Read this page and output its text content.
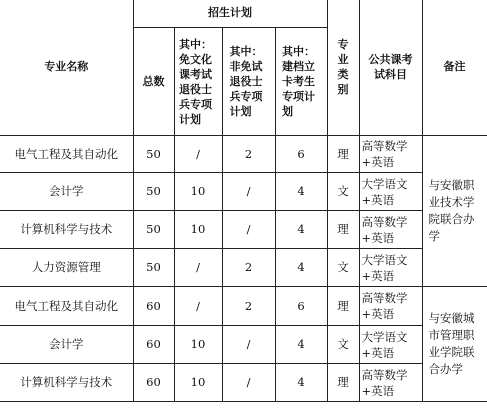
专业名称	招生计划				专业类别	公共课考试科目	备注
	总数	其中：免文化课考试退役士兵专项计划	其中：非免试退役士兵专项计划	其中：建档立卡考生专项计划			
电气工程及其自动化	50	/	2	6	理	高等数学+英语	与安徽职业技术学院联合办学
会计学	50	10	/	4	文	大学语文+英语	
计算机科学与技术	50	10	/	4	理	高等数学+英语	
人力资源管理	50	/	2	4	文	大学语文+英语	
电气工程及其自动化	60	/	2	6	理	高等数学+英语	与安徽城市管理职业学院联合办学
会计学	60	10	/	4	文	大学语文+英语	
计算机科学与技术	60	10	/	4	理	高等数学+英语	
